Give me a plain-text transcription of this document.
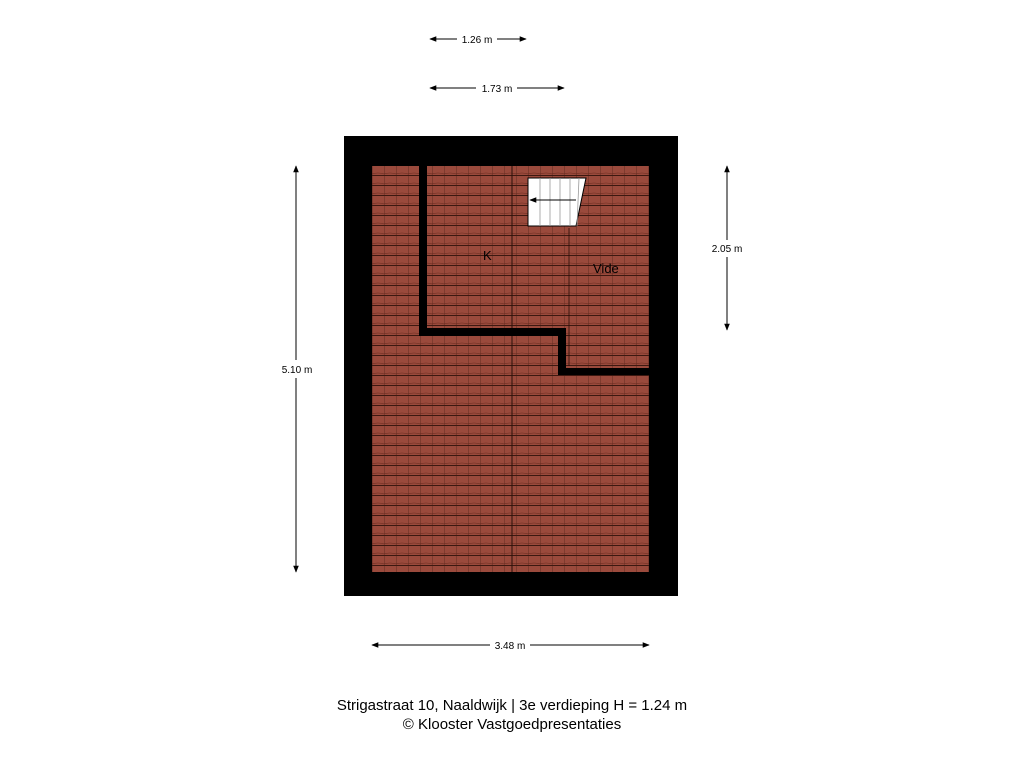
K
Vide
1.26 m
1.73 m
5.10 m
2.05 m
3.48 m
Strigastraat 10, Naaldwijk | 3e verdieping H = 1.24 m
© Klooster Vastgoedpresentaties
